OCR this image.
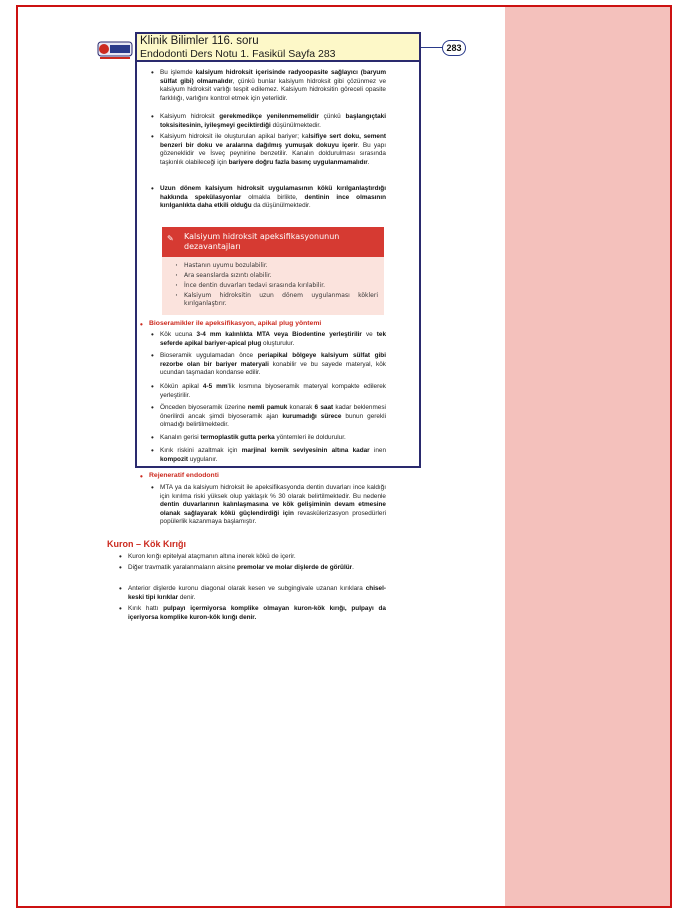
Klinik Bilimler 116. soru
Endodonti Ders Notu 1. Fasikül Sayfa 283	283
• Bu işlemde kalsiyum hidroksit içerisinde radyoopasite sağlayıcı (baryum sülfat gibi) olmamalıdır, çünkü bunlar kalsiyum hidroksit gibi çözünmez ve kalsiyum hidroksit varlığı tespit edilemez. Kalsiyum hidroksitin göreceli opasite farklılığı, varlığını kontrol etmek için yeterlidir.
• Kalsiyum hidroksit gerekmedikçe yenilenmemelidir çünkü başlangıçtaki toksisitesinin, iyileşmeyi geciktirdiği düşünülmektedir.
• Kalsiyum hidroksit ile oluşturulan apikal bariyer; kalsifiye sert doku, sement benzeri bir doku ve aralarına dağılmış yumuşak dokuyu içerir. Bu yapı gözeneklidir ve İsveç peynirine benzetilir. Kanalın doldurulması sırasında taşkınlık olabileceği için bariyere doğru fazla basınç uygulanmamalıdır.
• Uzun dönem kalsiyum hidroksit uygulamasının kökü kırılganlaştırdığı hakkında spekülasyonlar olmakla birlikte, dentinin ince olmasının kırılganlıkta daha etkili olduğu da düşünülmektedir.
✎ Kalsiyum hidroksit apeksifikasyonunun dezavantajları
· Hastanın uyumu bozulabilir.
· Ara seanslarda sızıntı olabilir.
· İnce dentin duvarları tedavi sırasında kırılabilir.
· Kalsiyum hidroksitin uzun dönem uygulanması kökleri kırılganlaştırır.
• Bioseramikler ile apeksifikasyon, apikal plug yöntemi
• Kök ucuna 3-4 mm kalınlıkta MTA veya Biodentine yerleştirilir ve tek seferde apikal bariyer-apical plug oluşturulur.
• Bioseramik uygulamadan önce periapikal bölgeye kalsiyum sülfat gibi rezorbe olan bir bariyer materyali konabilir ve bu sayede materyal, kök ucundan taşmadan kondanse edilir.
• Kökün apikal 4-5 mm'lik kısmına biyoseramik materyal kompakte edilerek yerleştirilir.
• Önceden biyoseramik üzerine nemli pamuk konarak 6 saat kadar beklenmesi önerilirdi ancak şimdi biyoseramik ajan kurumadığı sürece bunun gerekli olmadığı belirtilmektedir.
• Kanalın gerisi termoplastik gutta perka yöntemleri ile doldurulur.
• Kırık riskini azaltmak için marjinal kemik seviyesinin altına kadar inen kompozit uygulanır.
• Rejeneratif endodonti
• MTA ya da kalsiyum hidroksit ile apeksifikasyonda dentin duvarları ince kaldığı için kırılma riski yüksek olup yaklaşık % 30 olarak belirtilmektedir. Bu nedenle dentin duvarlarının kalınlaşmasına ve kök gelişiminin devam etmesine olanak sağlayarak kökü güçlendirdiği için revaskülerizasyon prosedürleri popülerlik kazanmaya başlamıştır.
Kuron – Kök Kırığı
• Kuron kırığı epitelyal ataçmanın altına inerek kökü de içerir.
• Diğer travmatik yaralanmaların aksine premolar ve molar dişlerde de görülür.
• Anterior dişlerde kuronu diagonal olarak kesen ve subgingivale uzanan kırıklara chisel-keski tipi kırıklar denir.
• Kırık hattı pulpayı içermiyorsa komplike olmayan kuron-kök kırığı, pulpayı da içeriyorsa komplike kuron-kök kırığı denir.
